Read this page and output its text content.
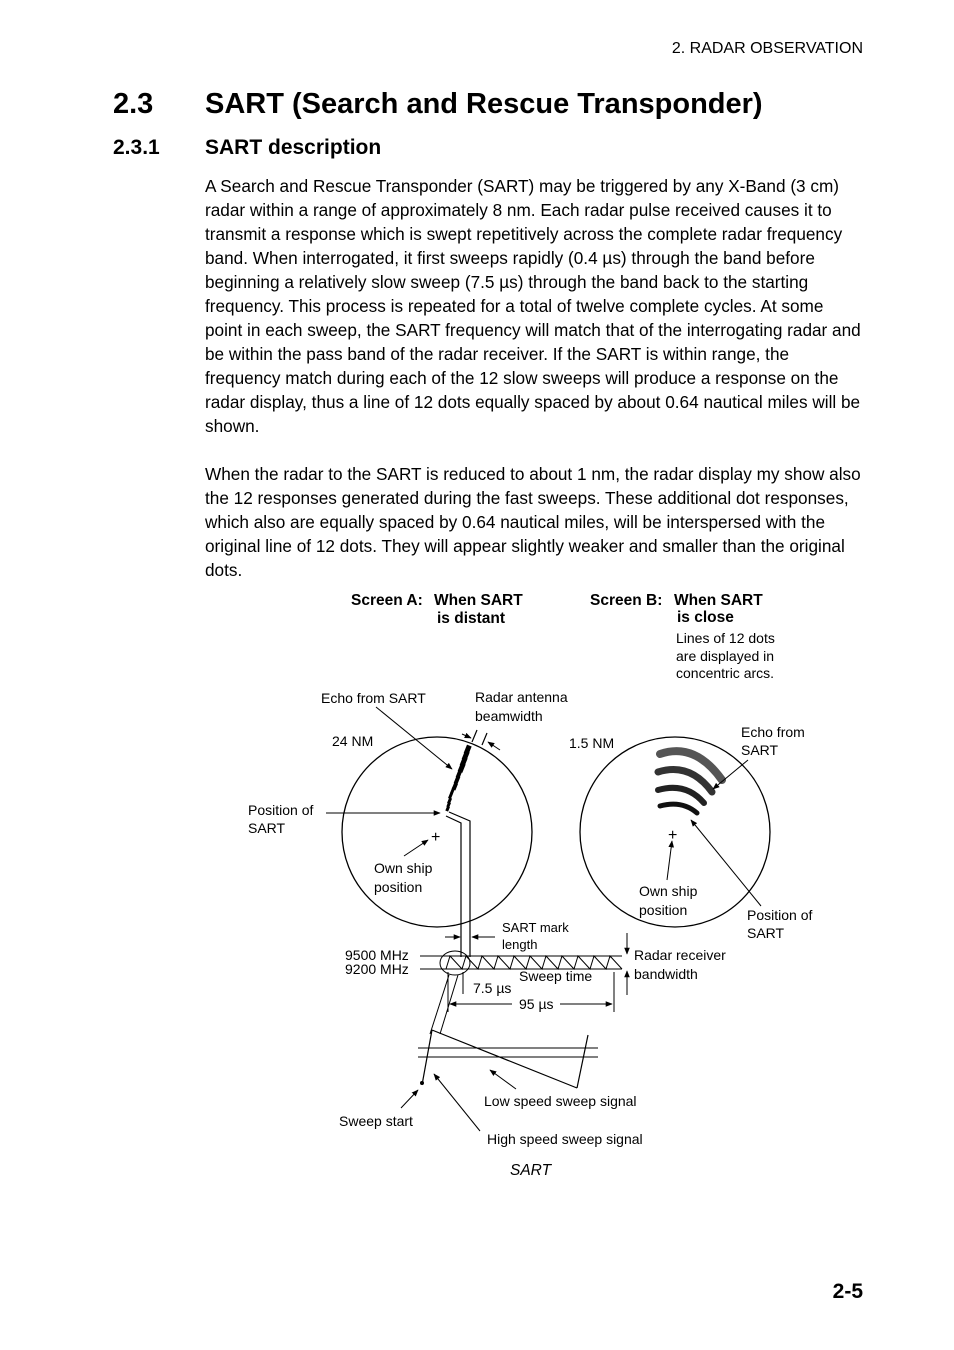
2. RADAR OBSERVATION
2.3 SART (Search and Rescue Transponder)
2.3.1 SART description

A Search and Rescue Transponder (SART) may be triggered by any X-Band (3 cm) radar within a range of approximately 8 nm. Each radar pulse received causes it to transmit a response which is swept repetitively across the complete radar frequency band. When interrogated, it first sweeps rapidly (0.4 µs) through the band before beginning a relatively slow sweep (7.5 µs) through the band back to the starting frequency. This process is repeated for a total of twelve complete cycles. At some point in each sweep, the SART frequency will match that of the interrogating radar and be within the pass band of the radar receiver. If the SART is within range, the frequency match during each of the 12 slow sweeps will produce a response on the radar display, thus a line of 12 dots equally spaced by about 0.64 nautical miles will be shown.

When the radar to the SART is reduced to about 1 nm, the radar display my show also the 12 responses generated during the fast sweeps. These additional dot responses, which also are equally spaced by 0.64 nautical miles, will be interspersed with the original line of 12 dots. They will appear slightly weaker and smaller than the original dots.

Screen A: When SART
is distant
Screen B: When SART
is close
Lines of 12 dots
are displayed in
concentric arcs.
24 NM
Echo from SART	Radar antenna
beamwidth
Position of
SART
+
Own ship
position
SART mark
length
1.5 NM
Echo from
SART
+
Own ship
position	Position of
SART
9500 MHz
9200 MHz	Sweep time
Radar receiver
bandwidth
7.5 µs
95 µs
Sweep start
Low speed sweep signal
High speed sweep signal
SART
2-5
